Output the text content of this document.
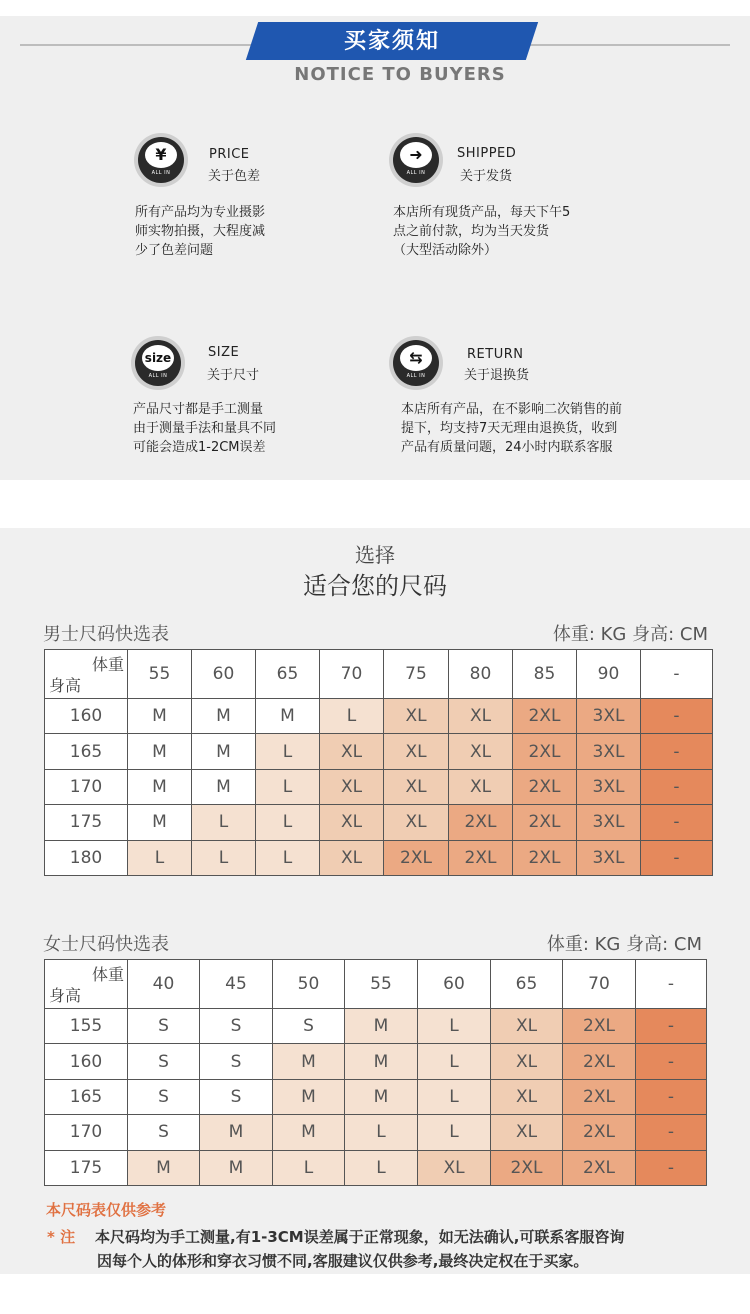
买家须知
NOTICE TO BUYERS
¥
ALL IN
PRICE
关于色差
所有产品均为专业摄影
师实物拍摄，大程度减
少了色差问题
➜
ALL IN
SHIPPED
关于发货
本店所有现货产品，每天下午5
点之前付款，均为当天发货
（大型活动除外）
size
ALL IN
SIZE
关于尺寸
产品尺寸都是手工测量
由于测量手法和量具不同
可能会造成1-2CM误差
⇆
ALL IN
RETURN
关于退换货
本店所有产品，在不影响二次销售的前
提下，均支持7天无理由退换货，收到
产品有质量问题，24小时内联系客服
选择
适合您的尺码
男士尺码快选表	体重: KG 身高: CM
体重
身高	55	60	65	70	75	80	85	90	-
160	M	M	M	L	XL	XL	2XL	3XL	-
165	M	M	L	XL	XL	XL	2XL	3XL	-
170	M	M	L	XL	XL	XL	2XL	3XL	-
175	M	L	L	XL	XL	2XL	2XL	3XL	-
180	L	L	L	XL	2XL	2XL	2XL	3XL	-
女士尺码快选表	体重: KG 身高: CM
体重
身高	40	45	50	55	60	65	70	-
155	S	S	S	M	L	XL	2XL	-
160	S	S	M	M	L	XL	2XL	-
165	S	S	M	M	L	XL	2XL	-
170	S	M	M	L	L	XL	2XL	-
175	M	M	L	L	XL	2XL	2XL	-
本尺码表仅供参考
* 注 本尺码均为手工测量,有1-3CM误差属于正常现象，如无法确认,可联系客服咨询
因每个人的体形和穿衣习惯不同,客服建议仅供参考,最终决定权在于买家。
